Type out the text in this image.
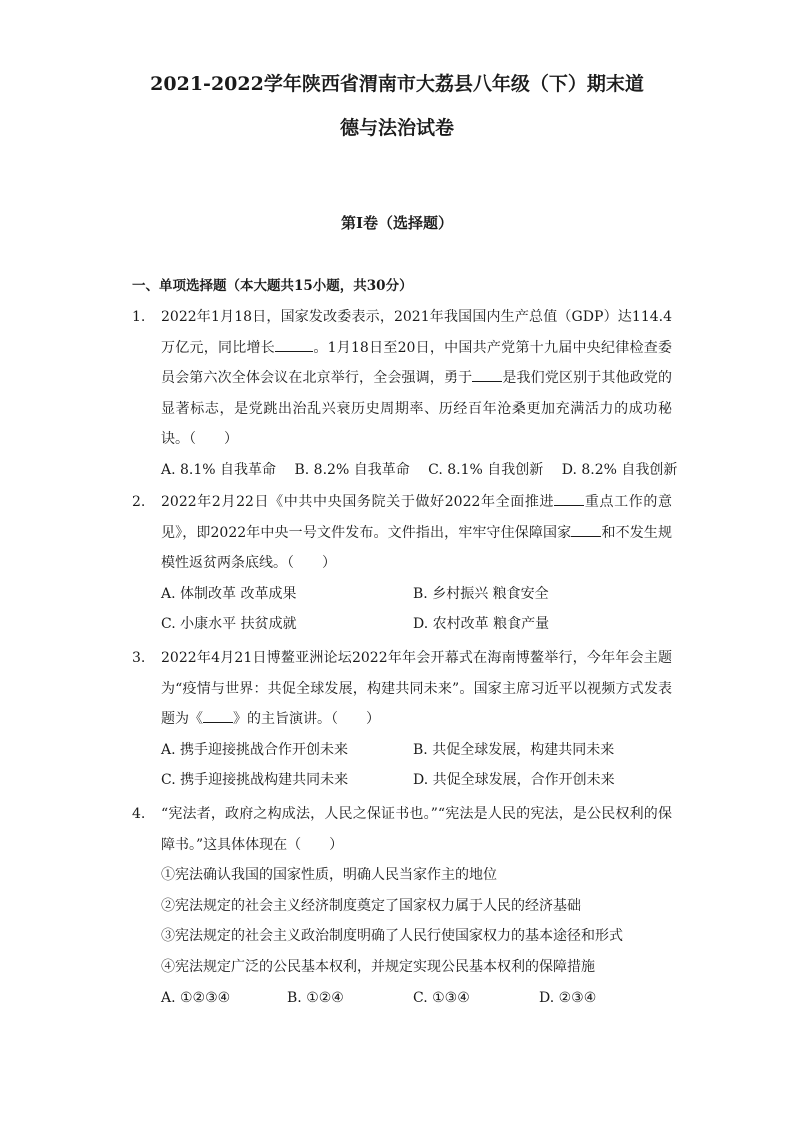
2021-2022学年陕西省渭南市大荔县八年级（下）期末道
德与法治试卷
第I卷（选择题）
一、单项选择题（本大题共15小题，共30分）
1. 2022年1月18日，国家发改委表示，2021年我国国内生产总值（GDP）达114.4万亿元，同比增长	。1月18日至20日，中国共产党第十九届中央纪律检查委员会第六次全体会议在北京举行，全会强调，勇于 是我们党区别于其他政党的显著标志，是党跳出治乱兴衰历史周期率、历经百年沧桑更加充满活力的成功秘诀。（　　）
A. 8.1% 自我革命 B. 8.2% 自我革命 C. 8.1% 自我创新 D. 8.2% 自我创新
2. 2022年2月22日《中共中央国务院关于做好2022年全面推进 重点工作的意见》，即2022年中央一号文件发布。文件指出，牢牢守住保障国家 和不发生规模性返贫两条底线。（　　）
A. 体制改革 改革成果	B. 乡村振兴 粮食安全
C. 小康水平 扶贫成就	D. 农村改革 粮食产量
3. 2022年4月21日博鳌亚洲论坛2022年年会开幕式在海南博鳌举行，今年年会主题为“疫情与世界：共促全球发展，构建共同未来”。国家主席习近平以视频方式发表题为《 》的主旨演讲。（　　）
A. 携手迎接挑战合作开创未来	B. 共促全球发展，构建共同未来
C. 携手迎接挑战构建共同未来	D. 共促全球发展，合作开创未来
4. “宪法者，政府之构成法，人民之保证书也。”“宪法是人民的宪法，是公民权利的保障书。”这具体体现在（　　）
①宪法确认我国的国家性质，明确人民当家作主的地位
②宪法规定的社会主义经济制度奠定了国家权力属于人民的经济基础
③宪法规定的社会主义政治制度明确了人民行使国家权力的基本途径和形式
④宪法规定广泛的公民基本权利，并规定实现公民基本权利的保障措施
A. ①②③④	B. ①②④	C. ①③④	D. ②③④
